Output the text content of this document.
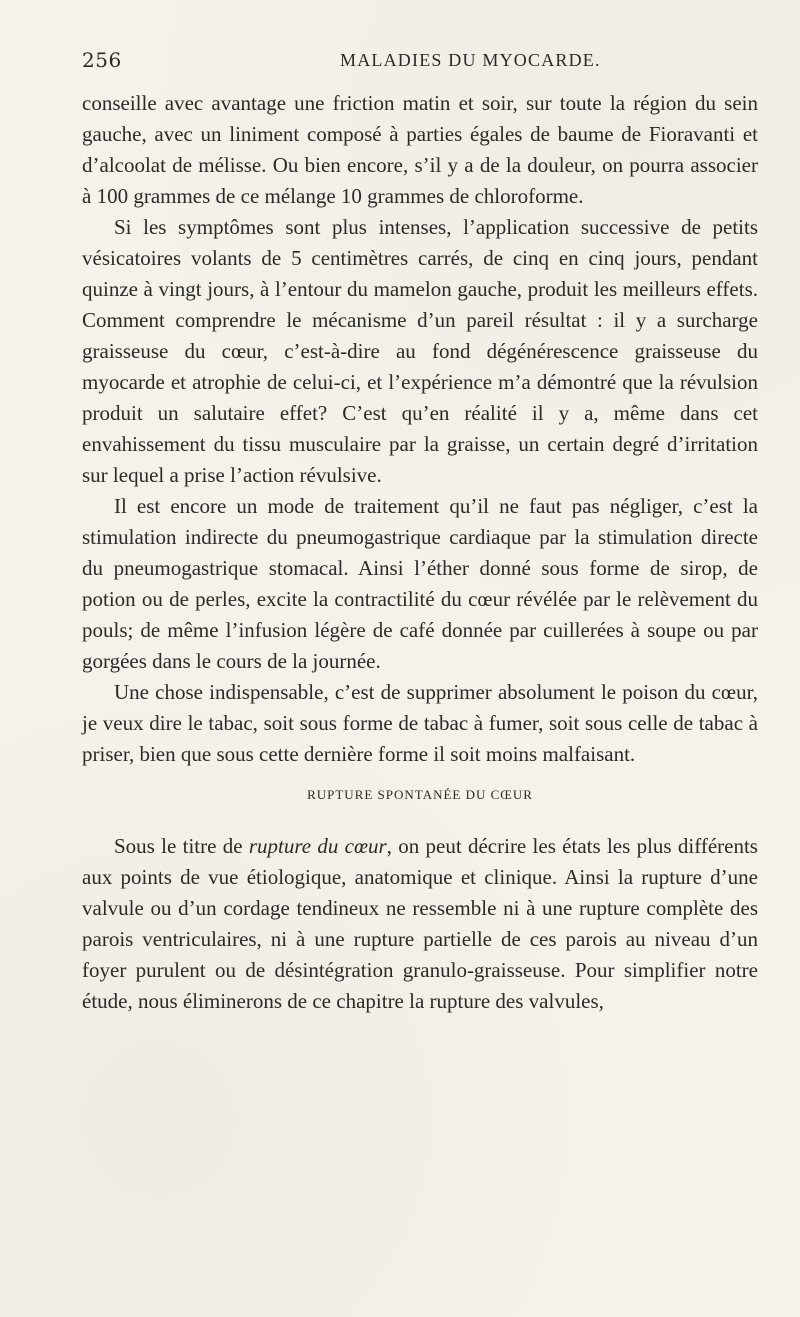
256	MALADIES DU MYOCARDE.

conseille avec avantage une friction matin et soir, sur toute la région du sein gauche, avec un liniment composé à parties égales de baume de Fioravanti et d’alcoolat de mélisse. Ou bien encore, s’il y a de la douleur, on pourra associer à 100 grammes de ce mélange 10 grammes de chloroforme.

Si les symptômes sont plus intenses, l’application successive de petits vésicatoires volants de 5 centimètres carrés, de cinq en cinq jours, pendant quinze à vingt jours, à l’entour du mamelon gauche, produit les meilleurs effets. Comment comprendre le mécanisme d’un pareil résultat : il y a surcharge graisseuse du cœur, c’est-à-dire au fond dégénérescence graisseuse du myocarde et atrophie de celui-ci, et l’expérience m’a démontré que la révulsion produit un salutaire effet? C’est qu’en réalité il y a, même dans cet envahissement du tissu musculaire par la graisse, un certain degré d’irritation sur lequel a prise l’action révulsive.

Il est encore un mode de traitement qu’il ne faut pas négliger, c’est la stimulation indirecte du pneumogastrique cardiaque par la stimulation directe du pneumogastrique stomacal. Ainsi l’éther donné sous forme de sirop, de potion ou de perles, excite la contractilité du cœur révélée par le relèvement du pouls; de même l’infusion légère de café donnée par cuillerées à soupe ou par gorgées dans le cours de la journée.

Une chose indispensable, c’est de supprimer absolument le poison du cœur, je veux dire le tabac, soit sous forme de tabac à fumer, soit sous celle de tabac à priser, bien que sous cette dernière forme il soit moins malfaisant.

RUPTURE SPONTANÉE DU CŒUR

Sous le titre de rupture du cœur, on peut décrire les états les plus différents aux points de vue étiologique, anatomique et clinique. Ainsi la rupture d’une valvule ou d’un cordage tendineux ne ressemble ni à une rupture complète des parois ventriculaires, ni à une rupture partielle de ces parois au niveau d’un foyer purulent ou de désintégration granulo-graisseuse. Pour simplifier notre étude, nous éliminerons de ce chapitre la rupture des valvules,
